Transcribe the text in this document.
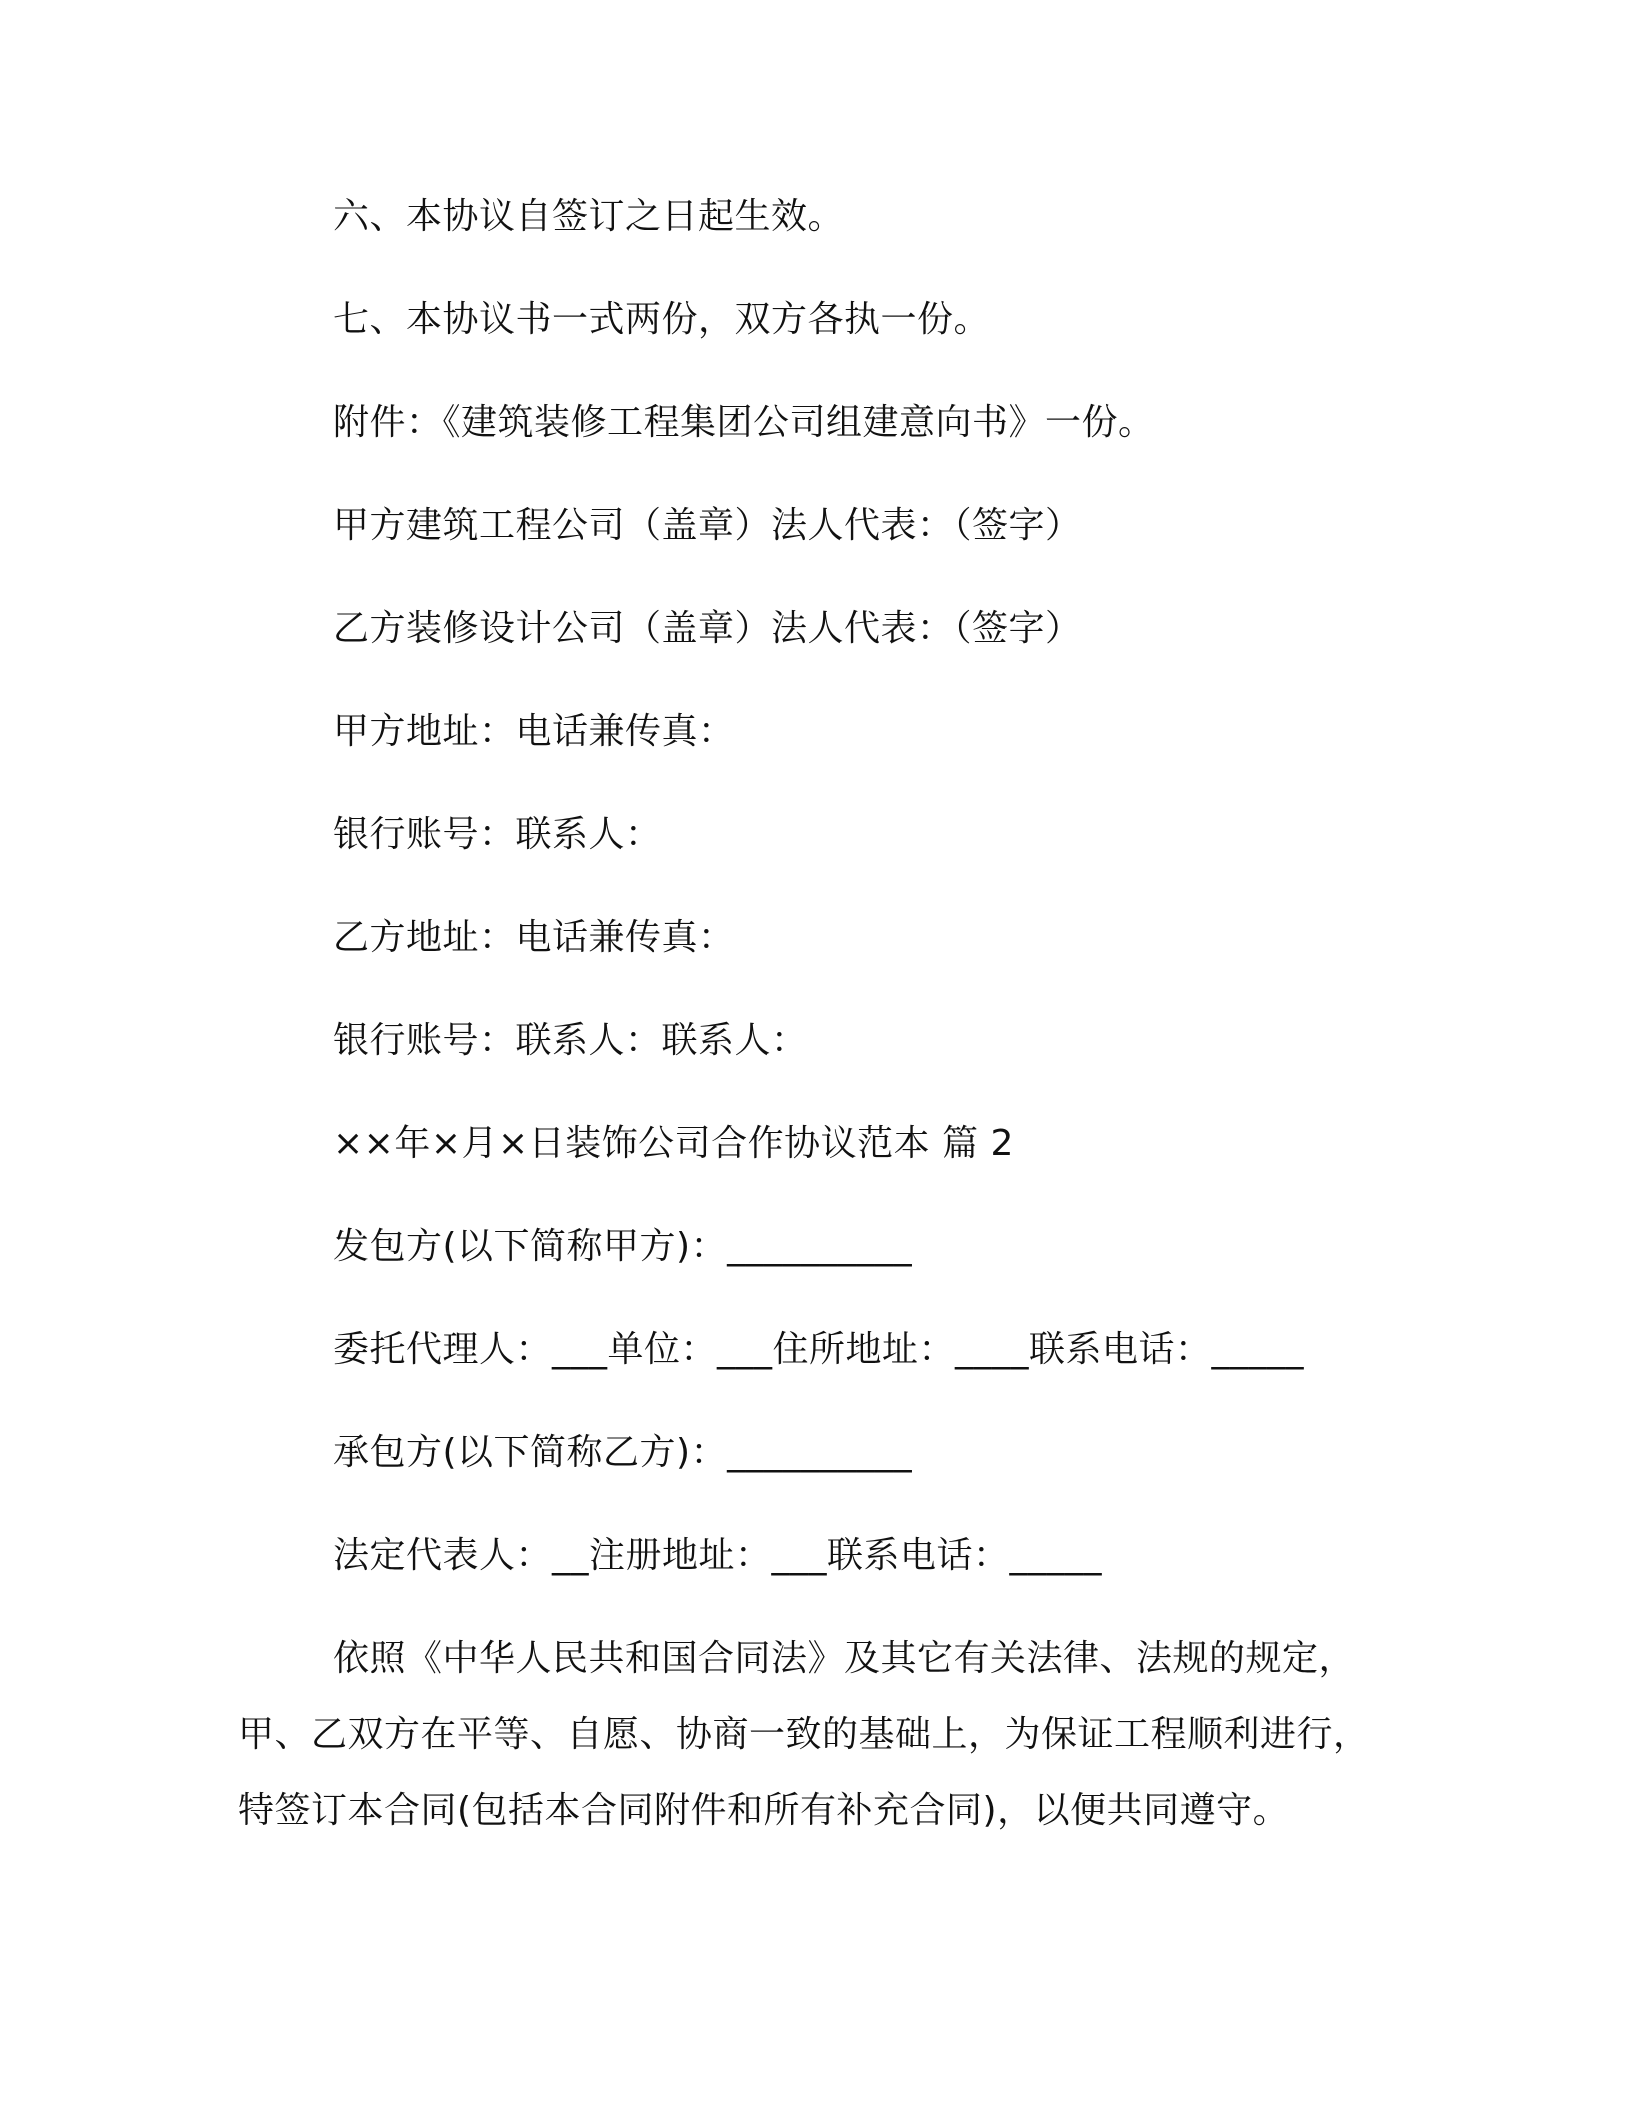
六、本协议自签订之日起生效。
七、本协议书一式两份，双方各执一份。
附件：《建筑装修工程集团公司组建意向书》一份。
甲方建筑工程公司（盖章）法人代表：（签字）
乙方装修设计公司（盖章）法人代表：（签字）
甲方地址：电话兼传真：
银行账号：联系人：
乙方地址：电话兼传真：
银行账号：联系人：联系人：
××年×月×日装饰公司合作协议范本 篇 2
发包方(以下简称甲方)：__________
委托代理人：___单位：___住所地址：____联系电话：_____
承包方(以下简称乙方)：__________
法定代表人：__注册地址：___联系电话：_____
依照《中华人民共和国合同法》及其它有关法律、法规的规定，
甲、乙双方在平等、自愿、协商一致的基础上，为保证工程顺利进行，
特签订本合同(包括本合同附件和所有补充合同)，以便共同遵守。
